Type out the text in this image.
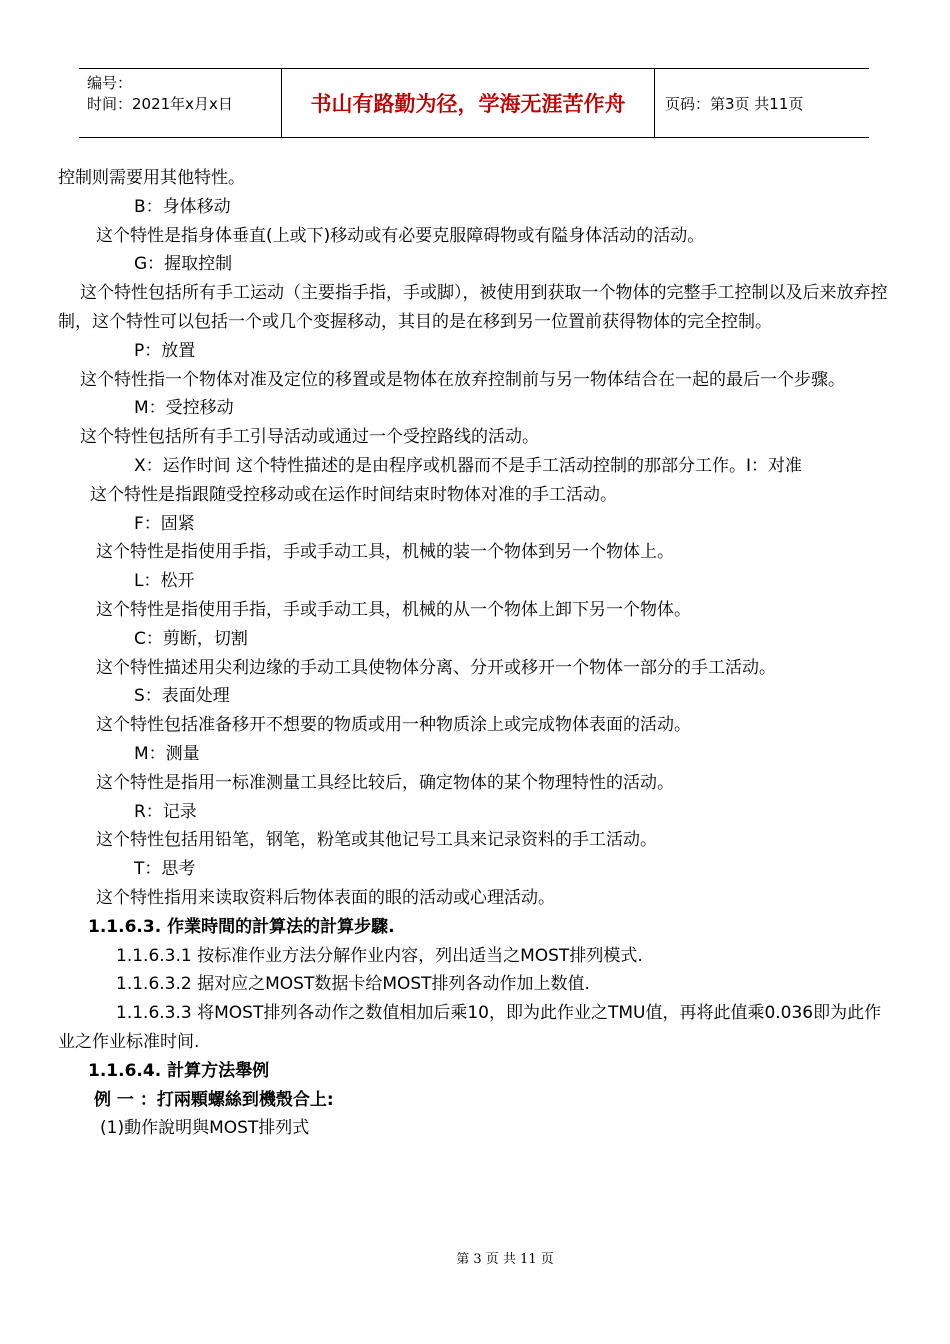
编号：
时间：2021年x月x日	书山有路勤为径，学海无涯苦作舟	页码：第3页 共11页

控制则需要用其他特性。

B：身体移动

这个特性是指身体垂直(上或下)移动或有必要克服障碍物或有隘身体活动的活动。

G：握取控制

这个特性包括所有手工运动（主要指手指，手或脚），被使用到获取一个物体的完整手工控制以及后来放弃控制，这个特性可以包括一个或几个变握移动，其目的是在移到另一位置前获得物体的完全控制。

P：放置

这个特性指一个物体对准及定位的移置或是物体在放弃控制前与另一物体结合在一起的最后一个步骤。

M：受控移动

这个特性包括所有手工引导活动或通过一个受控路线的活动。

X：运作时间 这个特性描述的是由程序或机器而不是手工活动控制的那部分工作。I：对准

这个特性是指跟随受控移动或在运作时间结束时物体对准的手工活动。

F：固紧

这个特性是指使用手指，手或手动工具，机械的装一个物体到另一个物体上。

L：松开

这个特性是指使用手指，手或手动工具，机械的从一个物体上卸下另一个物体。

C：剪断，切割

这个特性描述用尖利边缘的手动工具使物体分离、分开或移开一个物体一部分的手工活动。

S：表面处理

这个特性包括准备移开不想要的物质或用一种物质涂上或完成物体表面的活动。

M：测量

这个特性是指用一标准测量工具经比较后，确定物体的某个物理特性的活动。

R：记录

这个特性包括用铅笔，钢笔，粉笔或其他记号工具来记录资料的手工活动。

T：思考

这个特性指用来读取资料后物体表面的眼的活动或心理活动。

1.1.6.3. 作業時間的計算法的計算步驟.

1.1.6.3.1 按标准作业方法分解作业内容，列出适当之MOST排列模式.

1.1.6.3.2 据对应之MOST数据卡给MOST排列各动作加上数值.

1.1.6.3.3 将MOST排列各动作之数值相加后乘10，即为此作业之TMU值，再将此值乘0.036即为此作业之作业标准时间.

1.1.6.4. 計算方法舉例

例 一 ：打兩顆螺絲到機殼合上:

(1)動作說明與MOST排列式

第 3 页 共 11 页
